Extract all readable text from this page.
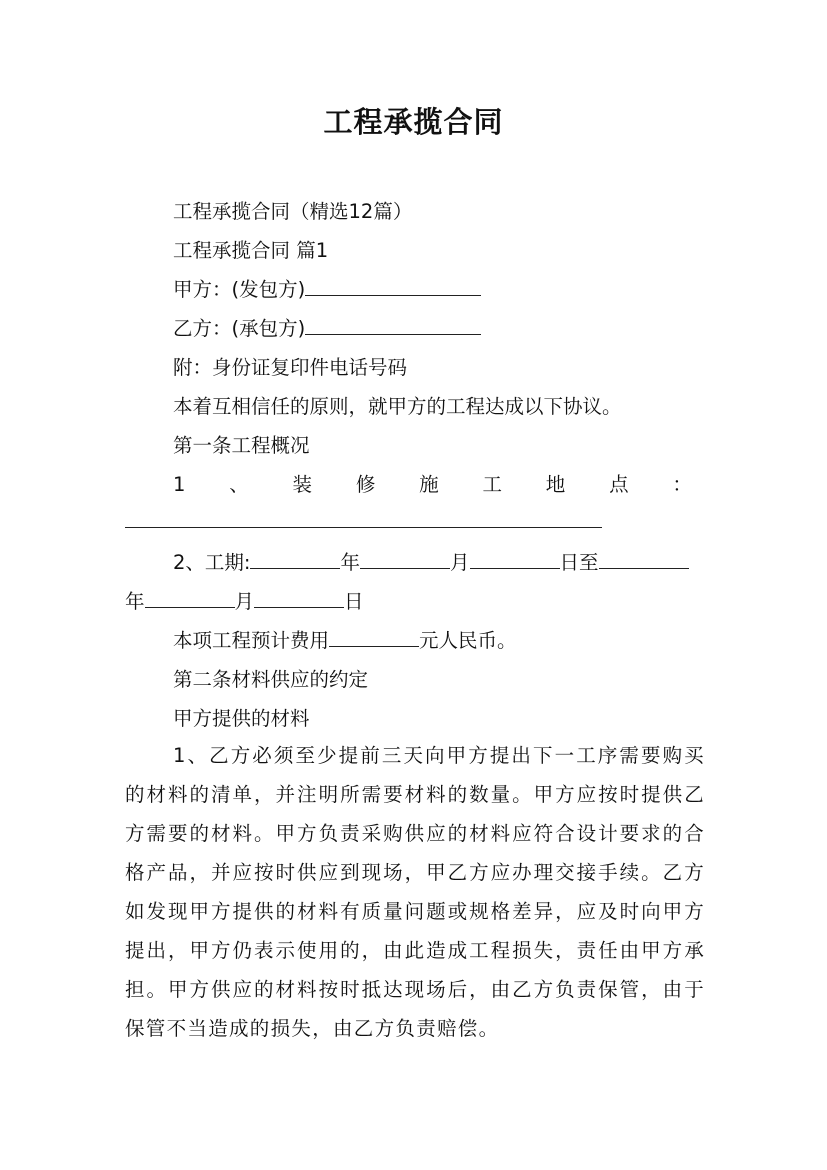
工程承揽合同
工程承揽合同（精选12篇）
工程承揽合同 篇1
甲方：(发包方)
乙方：(承包方)
附：身份证复印件电话号码
本着互相信任的原则，就甲方的工程达成以下协议。
第一条工程概况
1 、 装 修 施 工 地 点 ：
2、工期:	年	月	日至
年	月	日
本项工程预计费用	元人民币。
第二条材料供应的约定
甲方提供的材料
1、乙方必须至少提前三天向甲方提出下一工序需要购买的材料的清单，并注明所需要材料的数量。甲方应按时提供乙方需要的材料。甲方负责采购供应的材料应符合设计要求的合格产品，并应按时供应到现场，甲乙方应办理交接手续。乙方如发现甲方提供的材料有质量问题或规格差异，应及时向甲方提出，甲方仍表示使用的，由此造成工程损失，责任由甲方承担。甲方供应的材料按时抵达现场后，由乙方负责保管，由于保管不当造成的损失，由乙方负责赔偿。
